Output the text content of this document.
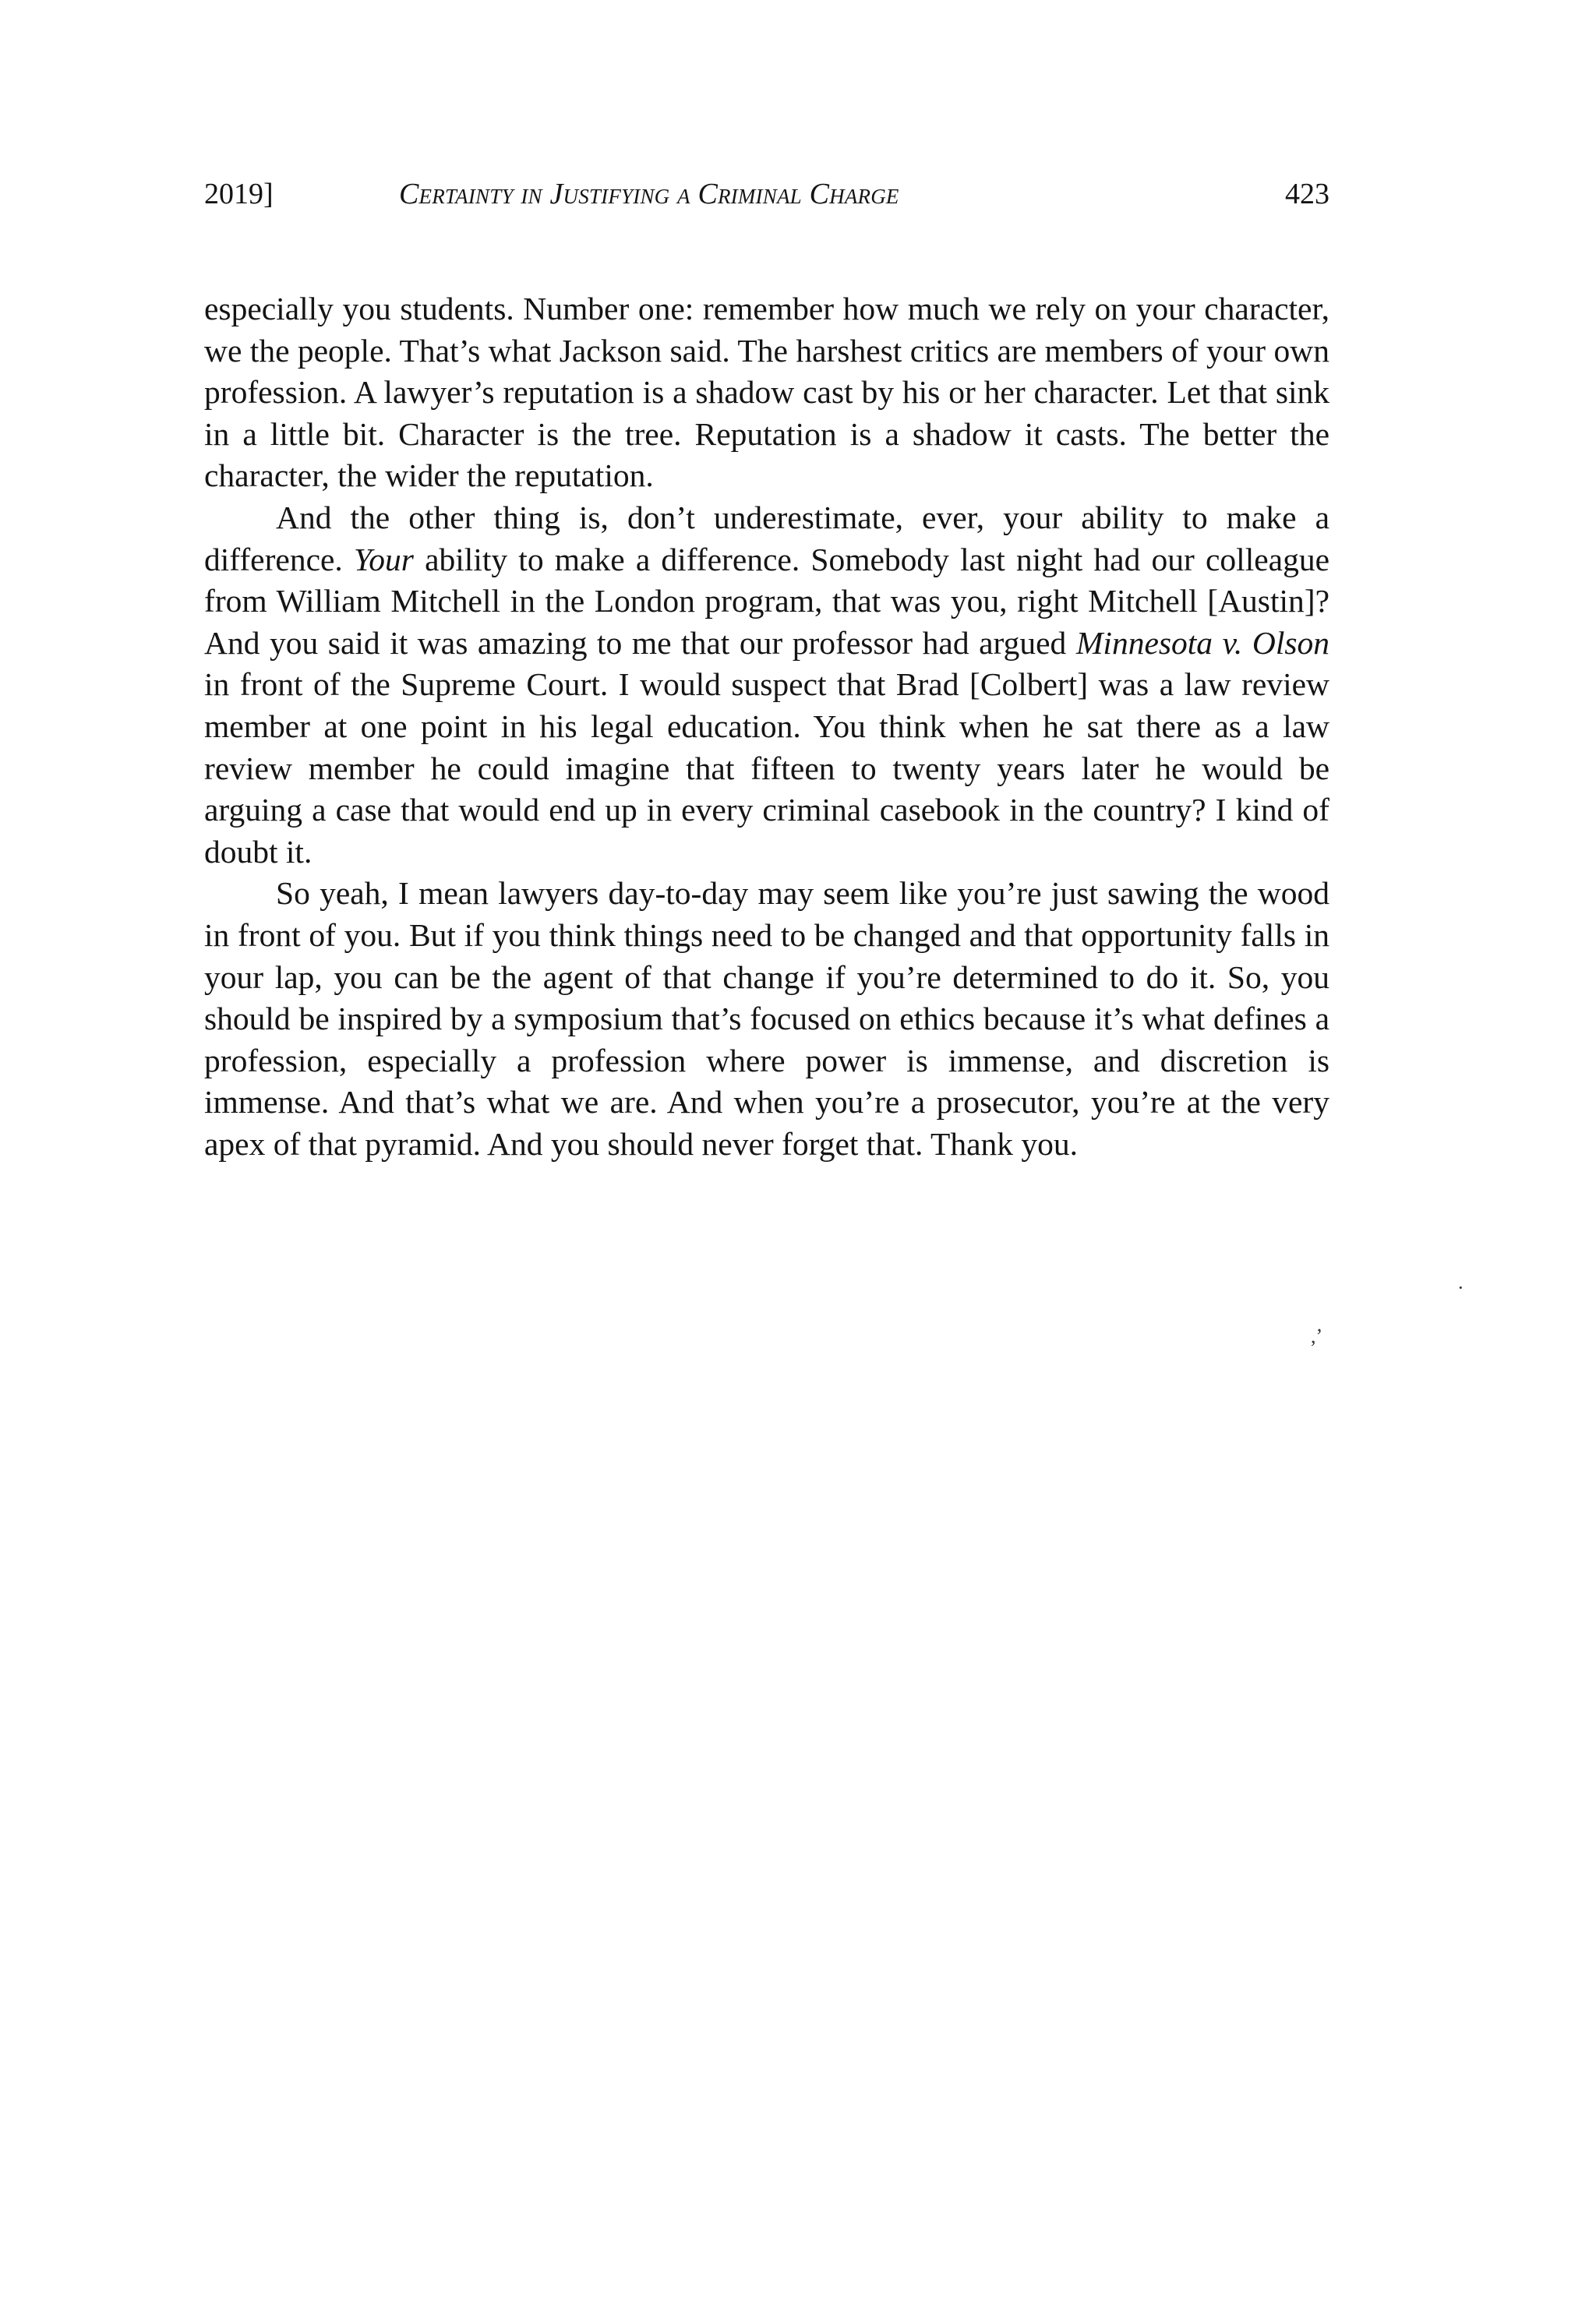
2019]	Certainty in Justifying a Criminal Charge	423

especially you students. Number one: remember how much we rely on your character, we the people. That’s what Jackson said. The harshest critics are members of your own profession. A lawyer’s reputation is a shadow cast by his or her character. Let that sink in a little bit. Character is the tree. Reputation is a shadow it casts. The better the character, the wider the reputation.

And the other thing is, don’t underestimate, ever, your ability to make a difference. Your ability to make a difference. Somebody last night had our colleague from William Mitchell in the London program, that was you, right Mitchell [Austin]? And you said it was amazing to me that our professor had argued Minnesota v. Olson in front of the Supreme Court. I would suspect that Brad [Colbert] was a law review member at one point in his legal education. You think when he sat there as a law review member he could imagine that fifteen to twenty years later he would be arguing a case that would end up in every criminal casebook in the country? I kind of doubt it.

So yeah, I mean lawyers day-to-day may seem like you’re just sawing the wood in front of you. But if you think things need to be changed and that opportunity falls in your lap, you can be the agent of that change if you’re determined to do it. So, you should be inspired by a symposium that’s focused on ethics because it’s what defines a profession, especially a profession where power is immense, and discretion is immense. And that’s what we are. And when you’re a prosecutor, you’re at the very apex of that pyramid. And you should never forget that. Thank you.

·
,ʼ
